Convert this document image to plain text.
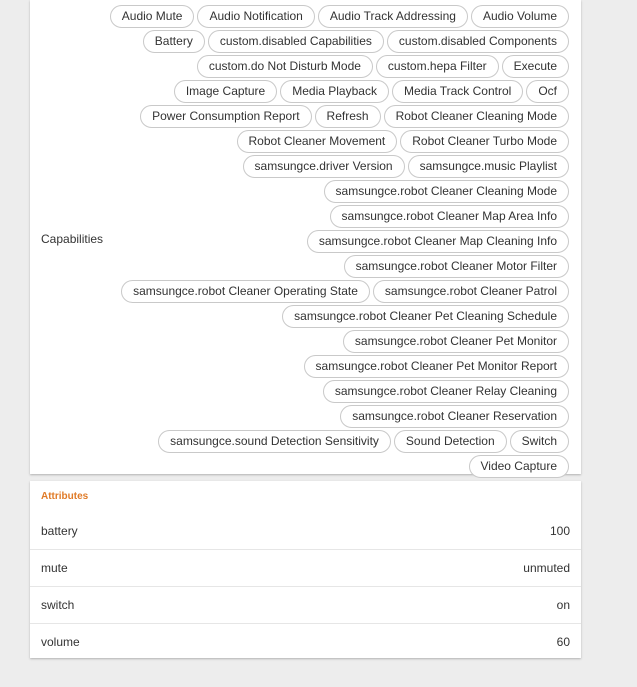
Capabilities
Audio Mute	Audio Notification	Audio Track Addressing	Audio Volume
Battery	custom.disabled Capabilities	custom.disabled Components
custom.do Not Disturb Mode	custom.hepa Filter	Execute
Image Capture	Media Playback	Media Track Control	Ocf
Power Consumption Report	Refresh	Robot Cleaner Cleaning Mode
Robot Cleaner Movement	Robot Cleaner Turbo Mode
samsungce.driver Version	samsungce.music Playlist
samsungce.robot Cleaner Cleaning Mode
samsungce.robot Cleaner Map Area Info
samsungce.robot Cleaner Map Cleaning Info
samsungce.robot Cleaner Motor Filter
samsungce.robot Cleaner Operating State	samsungce.robot Cleaner Patrol
samsungce.robot Cleaner Pet Cleaning Schedule
samsungce.robot Cleaner Pet Monitor
samsungce.robot Cleaner Pet Monitor Report
samsungce.robot Cleaner Relay Cleaning
samsungce.robot Cleaner Reservation
samsungce.sound Detection Sensitivity	Sound Detection	Switch
Video Capture
Attributes
battery	100
mute	unmuted
switch	on
volume	60
